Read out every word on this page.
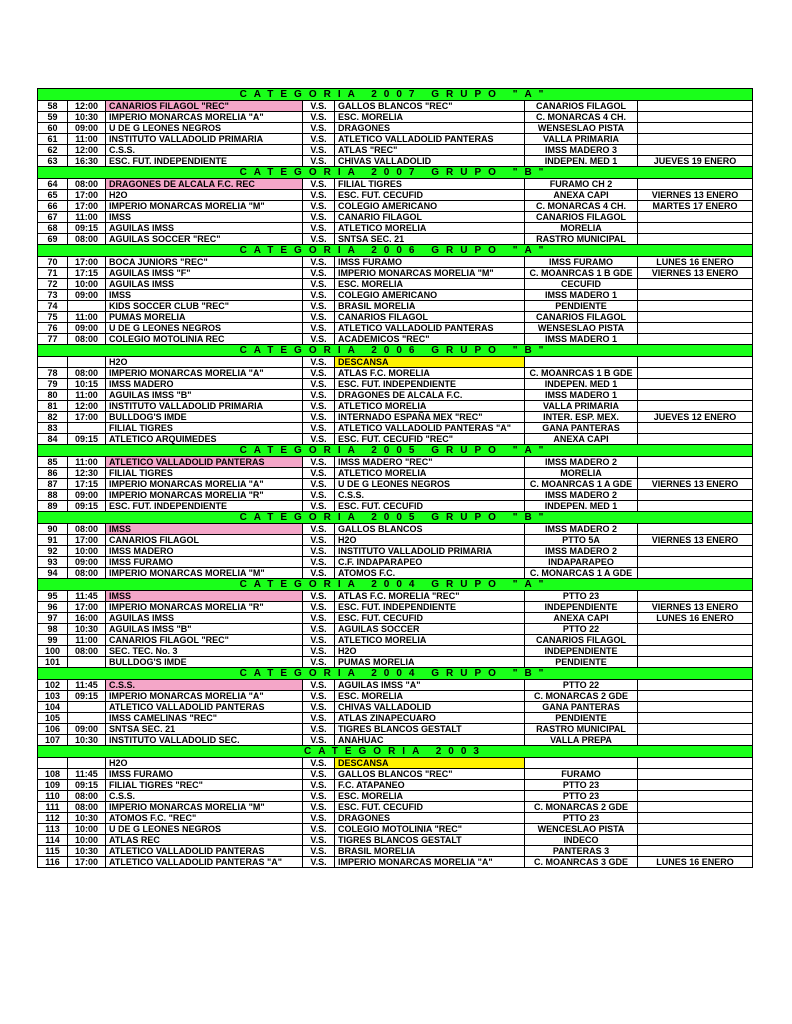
CATEGORIA 2007 GRUPO "A"						
58	12:00	CANARIOS FILAGOL "REC"	V.S.	GALLOS BLANCOS "REC"	CANARIOS FILAGOL	
59	10:30	IMPERIO MONARCAS MORELIA "A"	V.S.	ESC. MORELIA	C. MONARCAS 4 CH.	
60	09:00	U DE G LEONES NEGROS	V.S.	DRAGONES	WENSESLAO PISTA	
61	11:00	INSTITUTO VALLADOLID PRIMARIA	V.S.	ATLETICO VALLADOLID PANTERAS	VALLA PRIMARIA	
62	12:00	C.S.S.	V.S.	ATLAS "REC"	IMSS MADERO 3	
63	16:30	ESC. FUT. INDEPENDIENTE	V.S.	CHIVAS VALLADOLID	INDEPEN. MED 1	JUEVES 19 ENERO
CATEGORIA 2007 GRUPO "B"						
64	08:00	DRAGONES DE ALCALA F.C. REC	V.S.	FILIAL TIGRES	FURAMO CH 2	
65	17:00	H2O	V.S.	ESC. FUT. CECUFID	ANEXA CAPI	VIERNES 13 ENERO
66	17:00	IMPERIO MONARCAS MORELIA "M"	V.S.	COLEGIO AMERICANO	C. MONARCAS 4 CH.	MARTES 17 ENERO
67	11:00	IMSS	V.S.	CANARIO FILAGOL	CANARIOS FILAGOL	
68	09:15	AGUILAS IMSS	V.S.	ATLETICO MORELIA	MORELIA	
69	08:00	AGUILAS SOCCER "REC"	V.S.	SNTSA SEC. 21	RASTRO MUNICIPAL	
CATEGORIA 2006 GRUPO "A"						
70	17:00	BOCA JUNIORS "REC"	V.S.	IMSS FURAMO	IMSS FURAMO	LUNES 16 ENERO
71	17:15	AGUILAS IMSS "F"	V.S.	IMPERIO MONARCAS MORELIA "M"	C. MOANRCAS 1 B GDE	VIERNES 13 ENERO
72	10:00	AGUILAS IMSS	V.S.	ESC. MORELIA	CECUFID	
73	09:00	IMSS	V.S.	COLEGIO AMERICANO	IMSS MADERO 1	
74		KIDS SOCCER CLUB "REC"	V.S.	BRASIL MORELIA	PENDIENTE	
75	11:00	PUMAS MORELIA	V.S.	CANARIOS FILAGOL	CANARIOS FILAGOL	
76	09:00	U DE G LEONES NEGROS	V.S.	ATLETICO VALLADOLID PANTERAS	WENSESLAO PISTA	
77	08:00	COLEGIO MOTOLINIA REC	V.S.	ACADEMICOS "REC"	IMSS MADERO 1	
CATEGORIA 2006 GRUPO "B"						
		H2O	V.S.	DESCANSA		
78	08:00	IMPERIO MONARCAS MORELIA "A"	V.S.	ATLAS F.C. MORELIA	C. MOANRCAS 1 B GDE	
79	10:15	IMSS MADERO	V.S.	ESC. FUT. INDEPENDIENTE	INDEPEN. MED 1	
80	11:00	AGUILAS IMSS "B"	V.S.	DRAGONES DE ALCALA F.C.	IMSS MADERO 1	
81	12:00	INSTITUTO VALLADOLID PRIMARIA	V.S.	ATLETICO MORELIA	VALLA PRIMARIA	
82	17:00	BULLDOG'S IMDE	V.S.	INTERNADO ESPAÑA MEX "REC"	INTER. ESP. MEX.	JUEVES 12 ENERO
83		FILIAL TIGRES	V.S.	ATLETICO VALLADOLID PANTERAS "A"	GANA PANTERAS	
84	09:15	ATLETICO ARQUIMEDES	V.S.	ESC. FUT. CECUFID "REC"	ANEXA CAPI	
CATEGORIA 2005 GRUPO "A"						
85	11:00	ATLETICO VALLADOLID PANTERAS	V.S.	IMSS MADERO "REC"	IMSS MADERO 2	
86	12:30	FILIAL TIGRES	V.S.	ATLETICO MORELIA	MORELIA	
87	17:15	IMPERIO MONARCAS MORELIA "A"	V.S.	U DE G LEONES NEGROS	C. MOANRCAS 1 A GDE	VIERNES 13 ENERO
88	09:00	IMPERIO MONARCAS MORELIA "R"	V.S.	C.S.S.	IMSS MADERO 2	
89	09:15	ESC. FUT. INDEPENDIENTE	V.S.	ESC. FUT. CECUFID	INDEPEN. MED 1	
CATEGORIA 2005 GRUPO "B"						
90	08:00	IMSS	V.S.	GALLOS BLANCOS	IMSS MADERO 2	
91	17:00	CANARIOS FILAGOL	V.S.	H2O	PTTO 5A	VIERNES 13 ENERO
92	10:00	IMSS MADERO	V.S.	INSTITUTO VALLADOLID PRIMARIA	IMSS MADERO 2	
93	09:00	IMSS FURAMO	V.S.	C.F. INDAPARAPEO	INDAPARAPEO	
94	08:00	IMPERIO MONARCAS MORELIA "M"	V.S.	ATOMOS F.C.	C. MONARCAS 1 A GDE	
CATEGORIA 2004 GRUPO "A"						
95	11:45	IMSS	V.S.	ATLAS F.C. MORELIA "REC"	PTTO 23	
96	17:00	IMPERIO MONARCAS MORELIA "R"	V.S.	ESC. FUT. INDEPENDIENTE	INDEPENDIENTE	VIERNES 13 ENERO
97	16:00	AGUILAS IMSS	V.S.	ESC. FUT. CECUFID	ANEXA CAPI	LUNES 16 ENERO
98	10:30	AGUILAS IMSS "B"	V.S.	AGUILAS SOCCER	PTTO 22	
99	11:00	CANARIOS FILAGOL "REC"	V.S.	ATLETICO MORELIA	CANARIOS FILAGOL	
100	08:00	SEC. TEC. No. 3	V.S.	H2O	INDEPENDIENTE	
101		BULLDOG'S IMDE	V.S.	PUMAS MORELIA	PENDIENTE	
CATEGORIA 2004 GRUPO "B"						
102	11:45	C.S.S.	V.S.	AGUILAS IMSS "A"	PTTO 22	
103	09:15	IMPERIO MONARCAS MORELIA "A"	V.S.	ESC. MORELIA	C. MONARCAS 2 GDE	
104		ATLETICO VALLADOLID PANTERAS	V.S.	CHIVAS VALLADOLID	GANA PANTERAS	
105		IMSS CAMELINAS "REC"	V.S.	ATLAS ZINAPECUARO	PENDIENTE	
106	09:00	SNTSA SEC. 21	V.S.	TIGRES BLANCOS GESTALT	RASTRO MUNICIPAL	
107	10:30	INSTITUTO VALLADOLID SEC.	V.S.	ANAHUAC	VALLA PREPA	
CATEGORIA 2003						
		H2O	V.S.	DESCANSA		
108	11:45	IMSS FURAMO	V.S.	GALLOS BLANCOS "REC"	FURAMO	
109	09:15	FILIAL TIGRES "REC"	V.S.	F.C. ATAPANEO	PTTO 23	
110	08:00	C.S.S.	V.S.	ESC. MORELIA	PTTO 23	
111	08:00	IMPERIO MONARCAS MORELIA "M"	V.S.	ESC. FUT. CECUFID	C. MONARCAS 2 GDE	
112	10:30	ATOMOS F.C. "REC"	V.S.	DRAGONES	PTTO 23	
113	10:00	U DE G LEONES NEGROS	V.S.	COLEGIO MOTOLINIA "REC"	WENCESLAO PISTA	
114	10:00	ATLAS REC	V.S.	TIGRES BLANCOS GESTALT	INDECO	
115	10:30	ATLETICO VALLADOLID PANTERAS	V.S.	BRASIL MORELIA	PANTERAS 3	
116	17:00	ATLETICO VALLADOLID PANTERAS "A"	V.S.	IMPERIO MONARCAS MORELIA "A"	C. MOANRCAS 3 GDE	LUNES 16 ENERO
